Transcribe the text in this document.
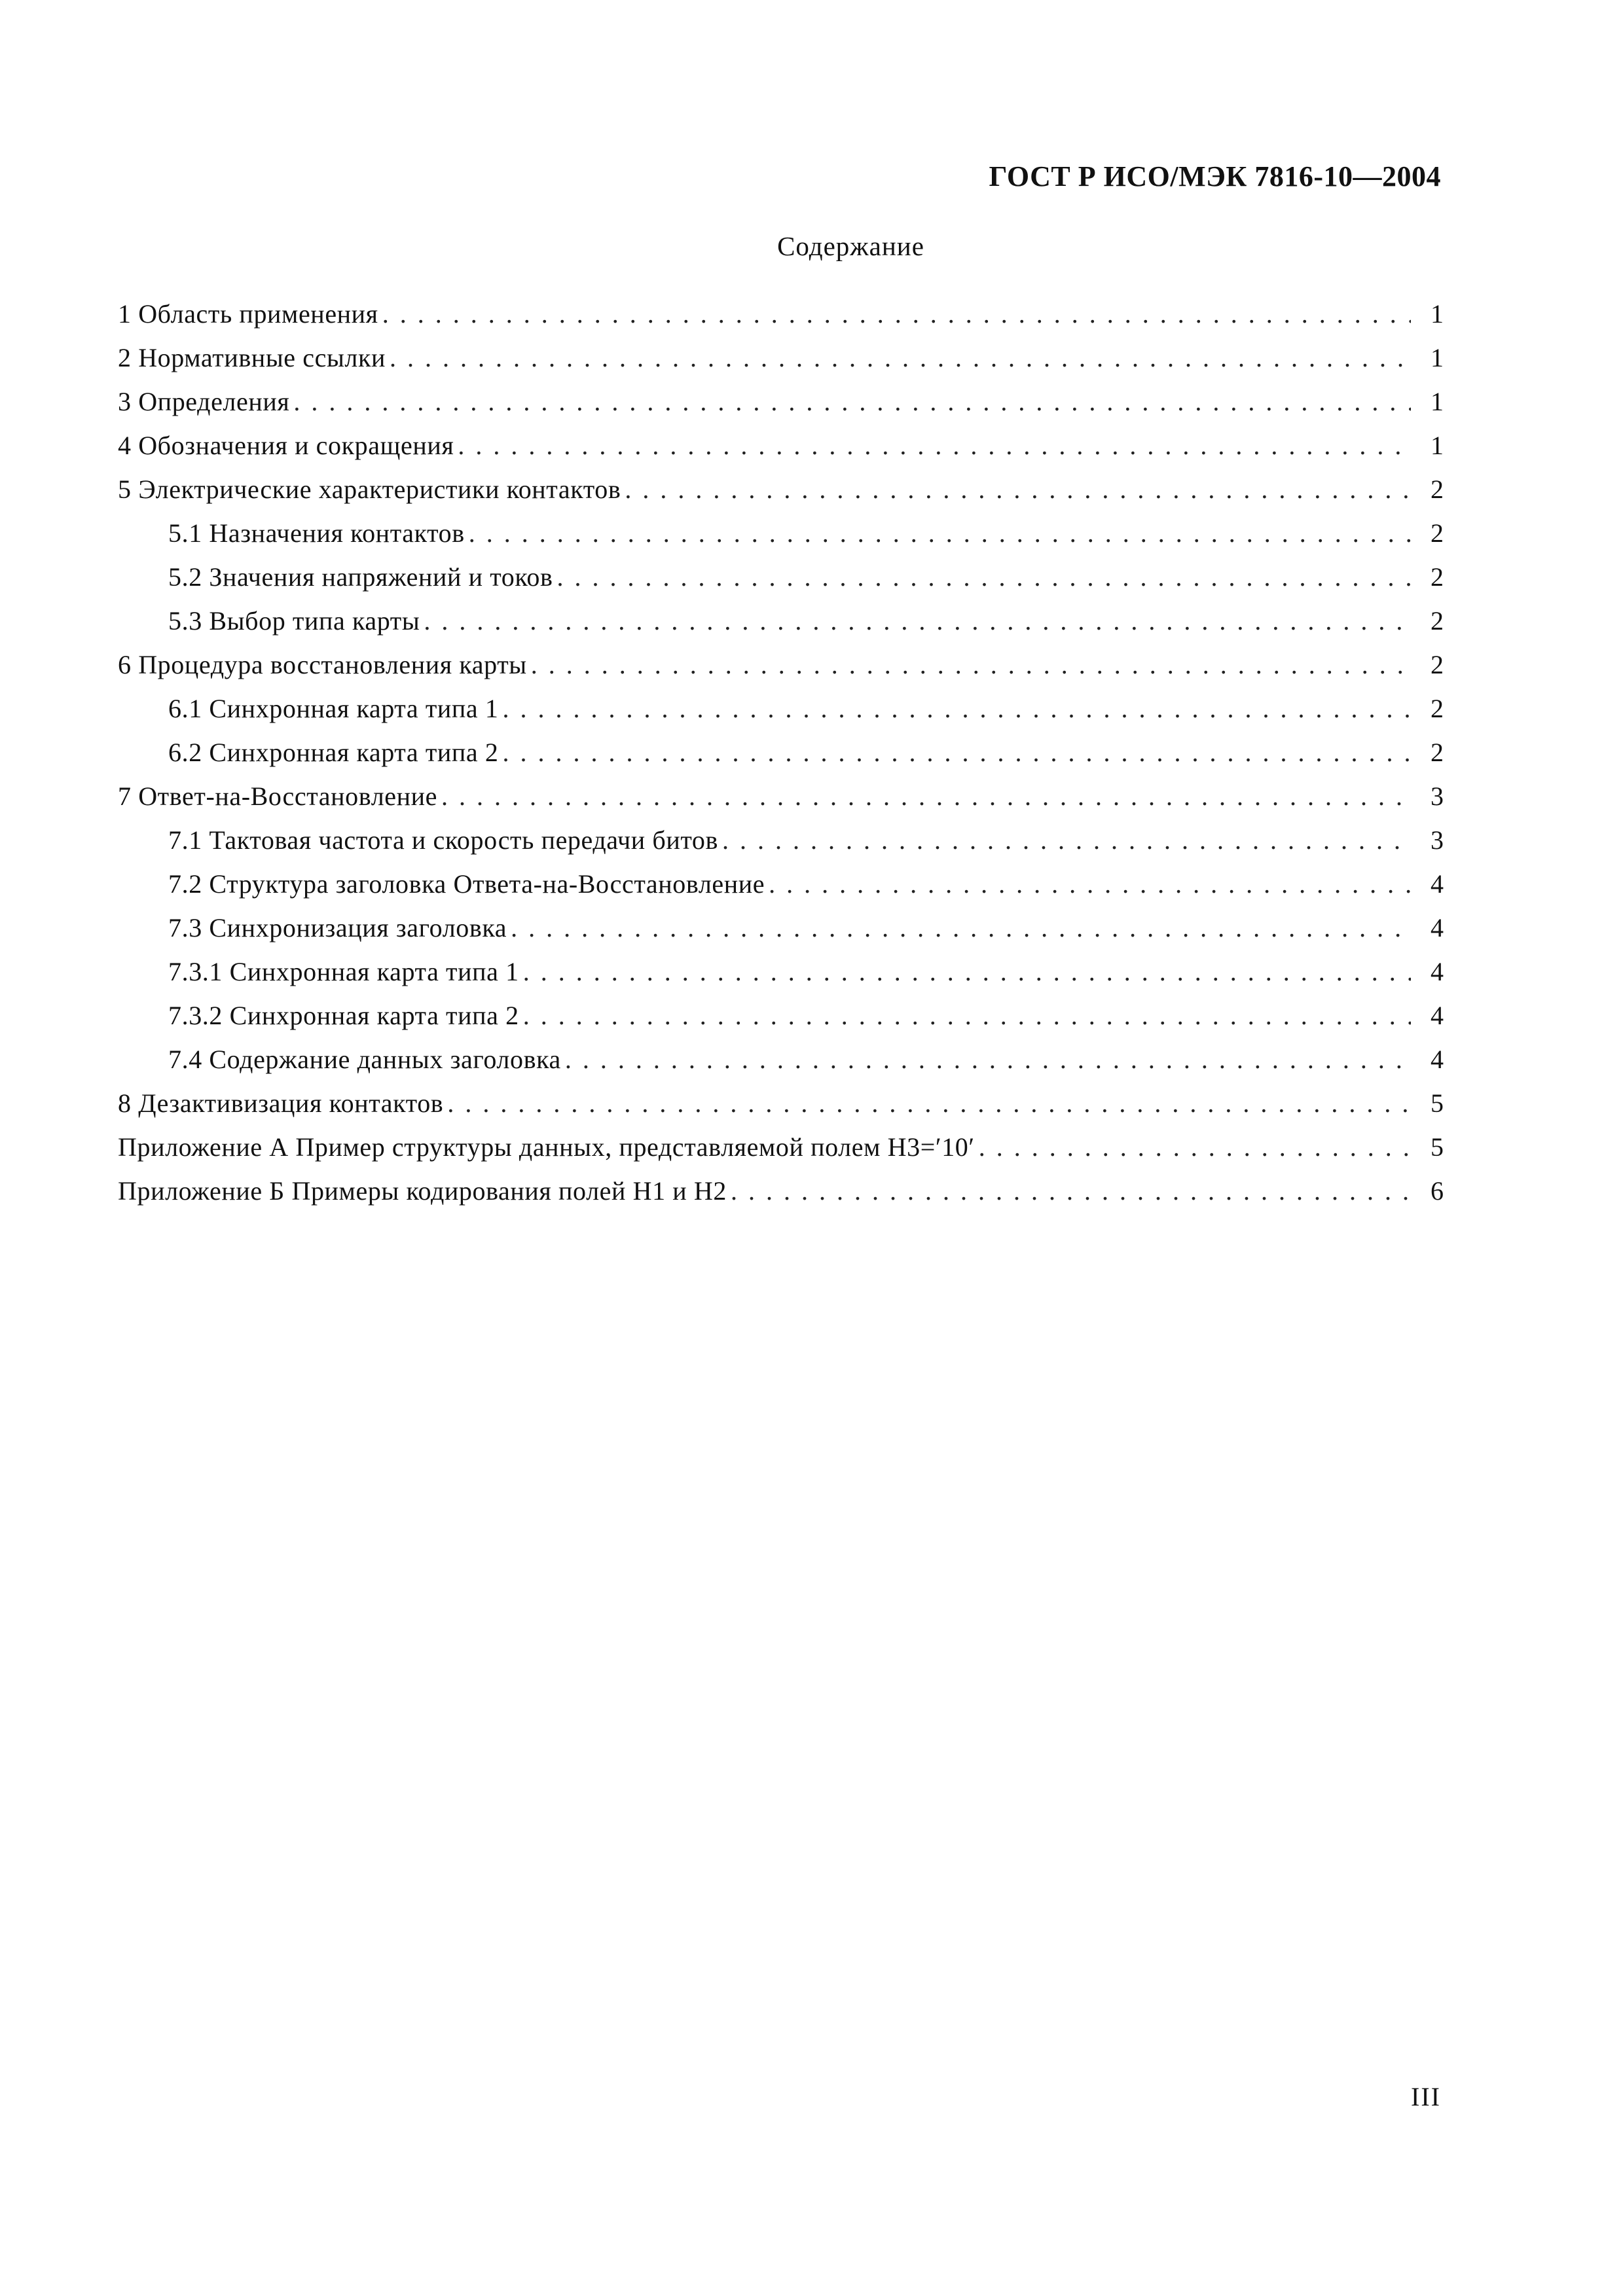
ГОСТ Р ИСО/МЭК 7816-10—2004
Содержание
1 Область применения . . .	1
2 Нормативные ссылки . . .	1
3 Определения . . .	1
4 Обозначения и сокращения . . .	1
5 Электрические характеристики контактов . . .	2
5.1 Назначения контактов . . .	2
5.2 Значения напряжений и токов . . .	2
5.3 Выбор типа карты . . .	2
6 Процедура восстановления карты . . .	2
6.1 Синхронная карта типа 1 . . .	2
6.2 Синхронная карта типа 2 . . .	2
7 Ответ-на-Восстановление . . .	3
7.1 Тактовая частота и скорость передачи битов . . .	3
7.2 Структура заголовка Ответа-на-Восстановление . . .	4
7.3 Синхронизация заголовка . . .	4
7.3.1 Синхронная карта типа 1 . . .	4
7.3.2 Синхронная карта типа 2 . . .	4
7.4 Содержание данных заголовка . . .	4
8 Дезактивизация контактов . . .	5
Приложение А Пример структуры данных, представляемой полем Н3=′10′ . . .	5
Приложение Б Примеры кодирования полей Н1 и Н2 . . .	6
III
